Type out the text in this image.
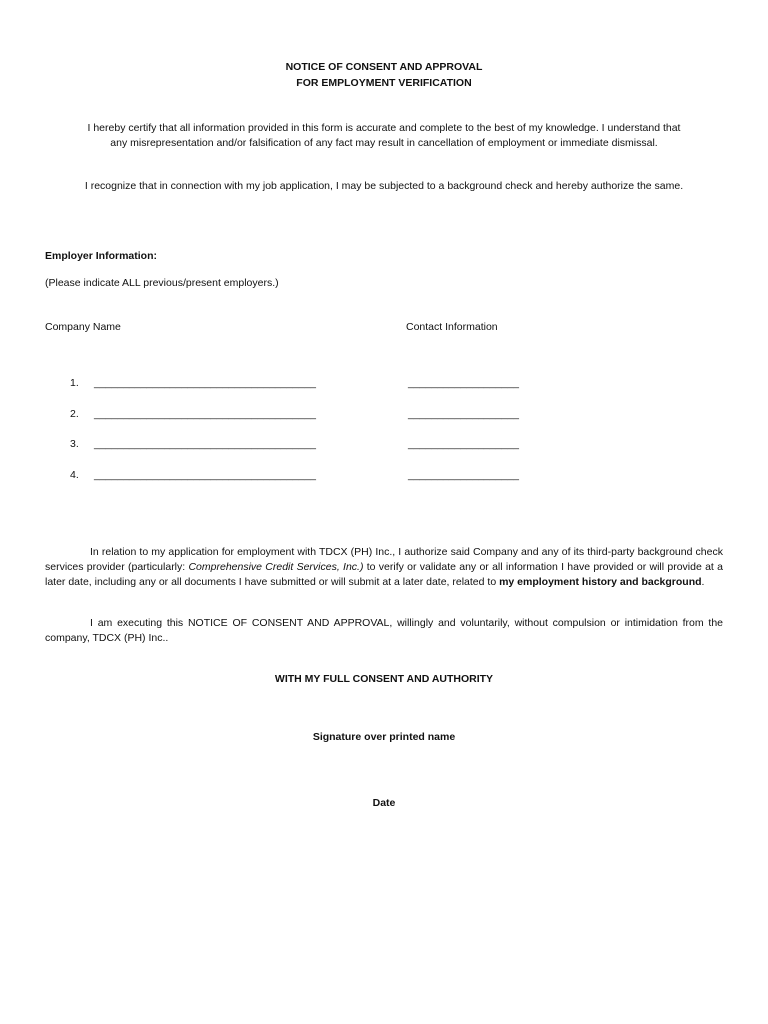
NOTICE OF CONSENT AND APPROVAL
FOR EMPLOYMENT VERIFICATION
I hereby certify that all information provided in this form is accurate and complete to the best of my knowledge. I understand that
any misrepresentation and/or falsification of any fact may result in cancellation of employment or immediate dismissal.
I recognize that in connection with my job application, I may be subjected to a background check and hereby authorize the same.
Employer Information:
(Please indicate ALL previous/present employers.)
Company Name	Contact Information
1.	______________________________________	___________________
2.	______________________________________	___________________
3.	______________________________________	___________________
4.	______________________________________	___________________
In relation to my application for employment with TDCX (PH) Inc., I authorize said Company and any of its third-party background check services provider (particularly: Comprehensive Credit Services, Inc.) to verify or validate any or all information I have provided or will provide at a later date, including any or all documents I have submitted or will submit at a later date, related to my employment history and background.
I am executing this NOTICE OF CONSENT AND APPROVAL, willingly and voluntarily, without compulsion or intimidation from the company, TDCX (PH) Inc..
WITH MY FULL CONSENT AND AUTHORITY
Signature over printed name
Date
